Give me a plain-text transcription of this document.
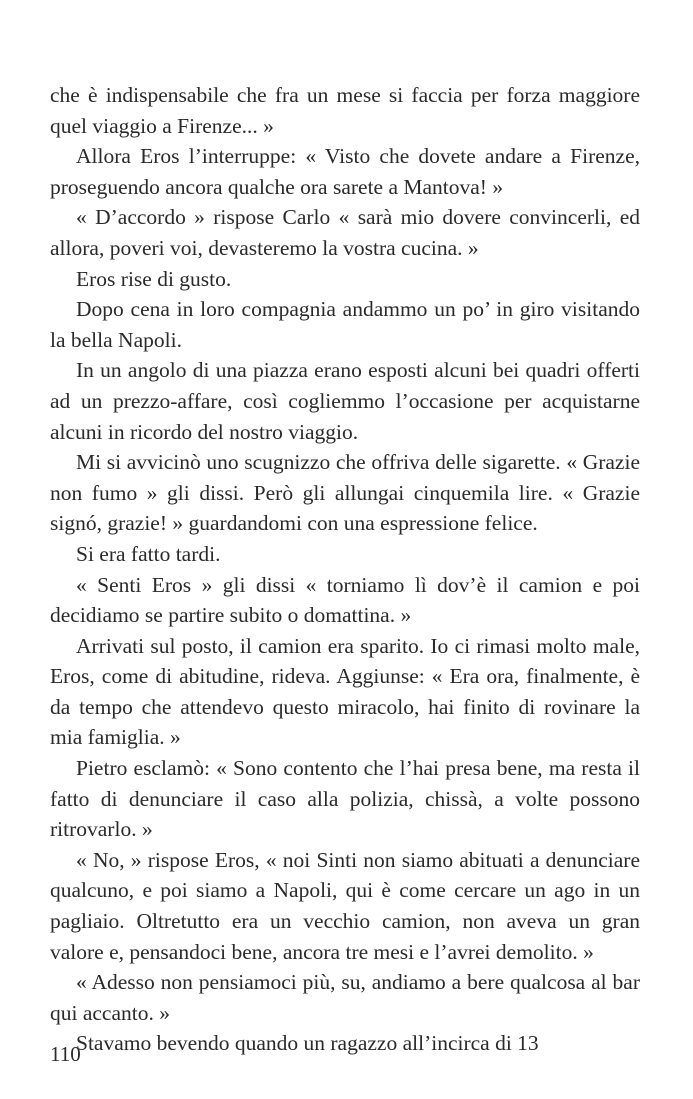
che è indispensabile che fra un mese si faccia per forza maggiore quel viaggio a Firenze... »

Allora Eros l’interruppe: « Visto che dovete andare a Firenze, proseguendo ancora qualche ora sarete a Mantova! »

« D’accordo » rispose Carlo « sarà mio dovere convincerli, ed allora, poveri voi, devasteremo la vostra cucina. »

Eros rise di gusto.

Dopo cena in loro compagnia andammo un po’ in giro visitando la bella Napoli.

In un angolo di una piazza erano esposti alcuni bei quadri offerti ad un prezzo-affare, così cogliemmo l’occasione per acquistarne alcuni in ricordo del nostro viaggio.

Mi si avvicinò uno scugnizzo che offriva delle sigarette. « Grazie non fumo » gli dissi. Però gli allungai cinquemila lire. « Grazie signó, grazie! » guardandomi con una espressione felice.

Si era fatto tardi.

« Senti Eros » gli dissi « torniamo lì dov’è il camion e poi decidiamo se partire subito o domattina. »

Arrivati sul posto, il camion era sparito. Io ci rimasi molto male, Eros, come di abitudine, rideva. Aggiunse: « Era ora, finalmente, è da tempo che attendevo questo miracolo, hai finito di rovinare la mia famiglia. »

Pietro esclamò: « Sono contento che l’hai presa bene, ma resta il fatto di denunciare il caso alla polizia, chissà, a volte possono ritrovarlo. »

« No, » rispose Eros, « noi Sinti non siamo abituati a denunciare qualcuno, e poi siamo a Napoli, qui è come cercare un ago in un pagliaio. Oltretutto era un vecchio camion, non aveva un gran valore e, pensandoci bene, ancora tre mesi e l’avrei demolito. »

« Adesso non pensiamoci più, su, andiamo a bere qualcosa al bar qui accanto. »

Stavamo bevendo quando un ragazzo all’incirca di 13

110
